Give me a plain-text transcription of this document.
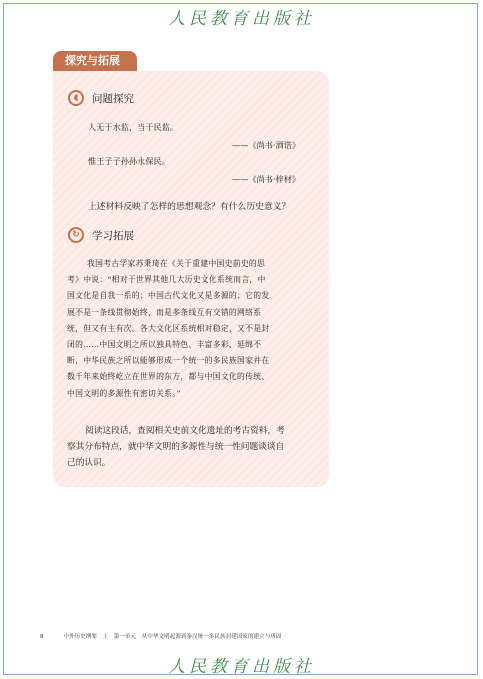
人民教育出版社
探究与拓展
◖	问题探究
人无于水监，当于民监。
——《尚书·酒诰》
惟王子子孙孙永保民。
——《尚书·梓材》
上述材料反映了怎样的思想观念？有什么历史意义？
↻	学习拓展
我国考古学家苏秉琦在《关于重建中国史前史的思
考》中说：“相对于世界其他几大历史文化系统而言，中
国文化是自我一系的；中国古代文化又是多源的；它的发
展不是一条线贯彻始终，而是多条线互有交错的网络系
统，但又有主有次。各大文化区系统相对稳定，又不是封
闭的……中国文明之所以独具特色、丰富多彩、延绵不
断，中华民族之所以能够形成一个统一的多民族国家并在
数千年来始终屹立在世界的东方，都与中国文化的传统、
中国文明的多源性有密切关系。”
阅读这段话，查阅相关史前文化遗址的考古资料，考
察其分布特点，就中华文明的多源性与统一性问题谈谈自
己的认识。
8	中外历史纲要　上　第一单元　从中华文明起源到秦汉统一多民族封建国家的建立与巩固
人民教育出版社
